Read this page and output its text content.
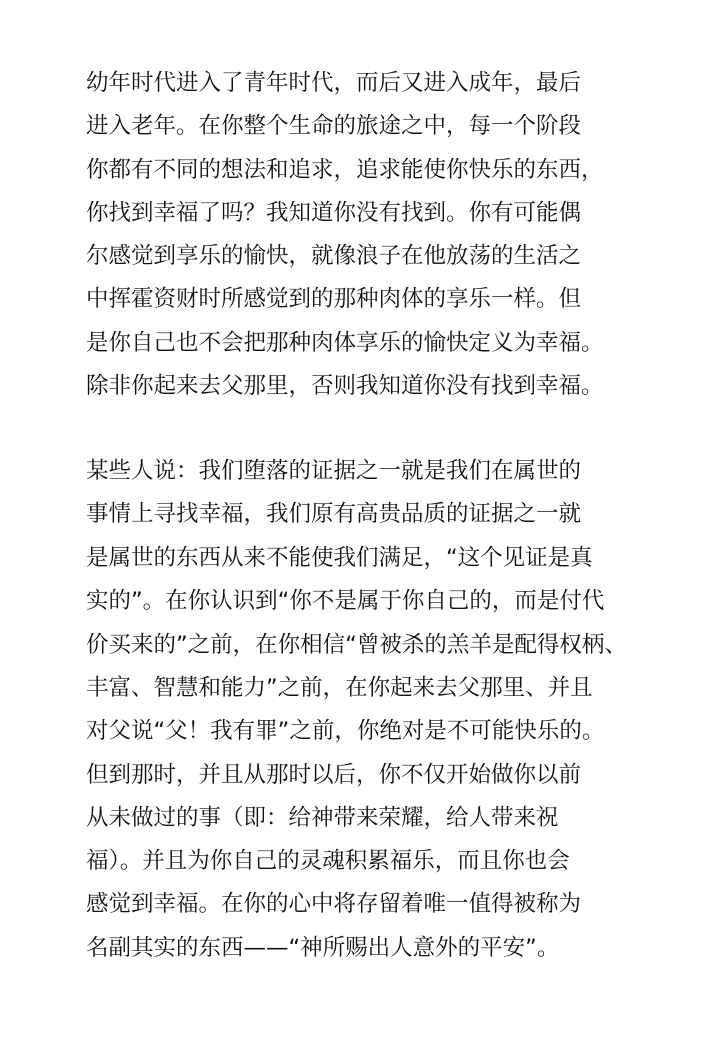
幼年时代进入了青年时代，而后又进入成年，最后
进入老年。在你整个生命的旅途之中，每一个阶段
你都有不同的想法和追求，追求能使你快乐的东西，
你找到幸福了吗？我知道你没有找到。你有可能偶
尔感觉到享乐的愉快，就像浪子在他放荡的生活之
中挥霍资财时所感觉到的那种肉体的享乐一样。但
是你自己也不会把那种肉体享乐的愉快定义为幸福。
除非你起来去父那里，否则我知道你没有找到幸福。
某些人说：我们堕落的证据之一就是我们在属世的
事情上寻找幸福，我们原有高贵品质的证据之一就
是属世的东西从来不能使我们满足，“这个见证是真
实的”。在你认识到“你不是属于你自己的，而是付代
价买来的”之前，在你相信“曾被杀的羔羊是配得权柄、
丰富、智慧和能力”之前，在你起来去父那里、并且
对父说“父！我有罪”之前，你绝对是不可能快乐的。
但到那时，并且从那时以后，你不仅开始做你以前
从未做过的事（即：给神带来荣耀，给人带来祝
福）。并且为你自己的灵魂积累福乐，而且你也会
感觉到幸福。在你的心中将存留着唯一值得被称为
名副其实的东西——“神所赐出人意外的平安”。
